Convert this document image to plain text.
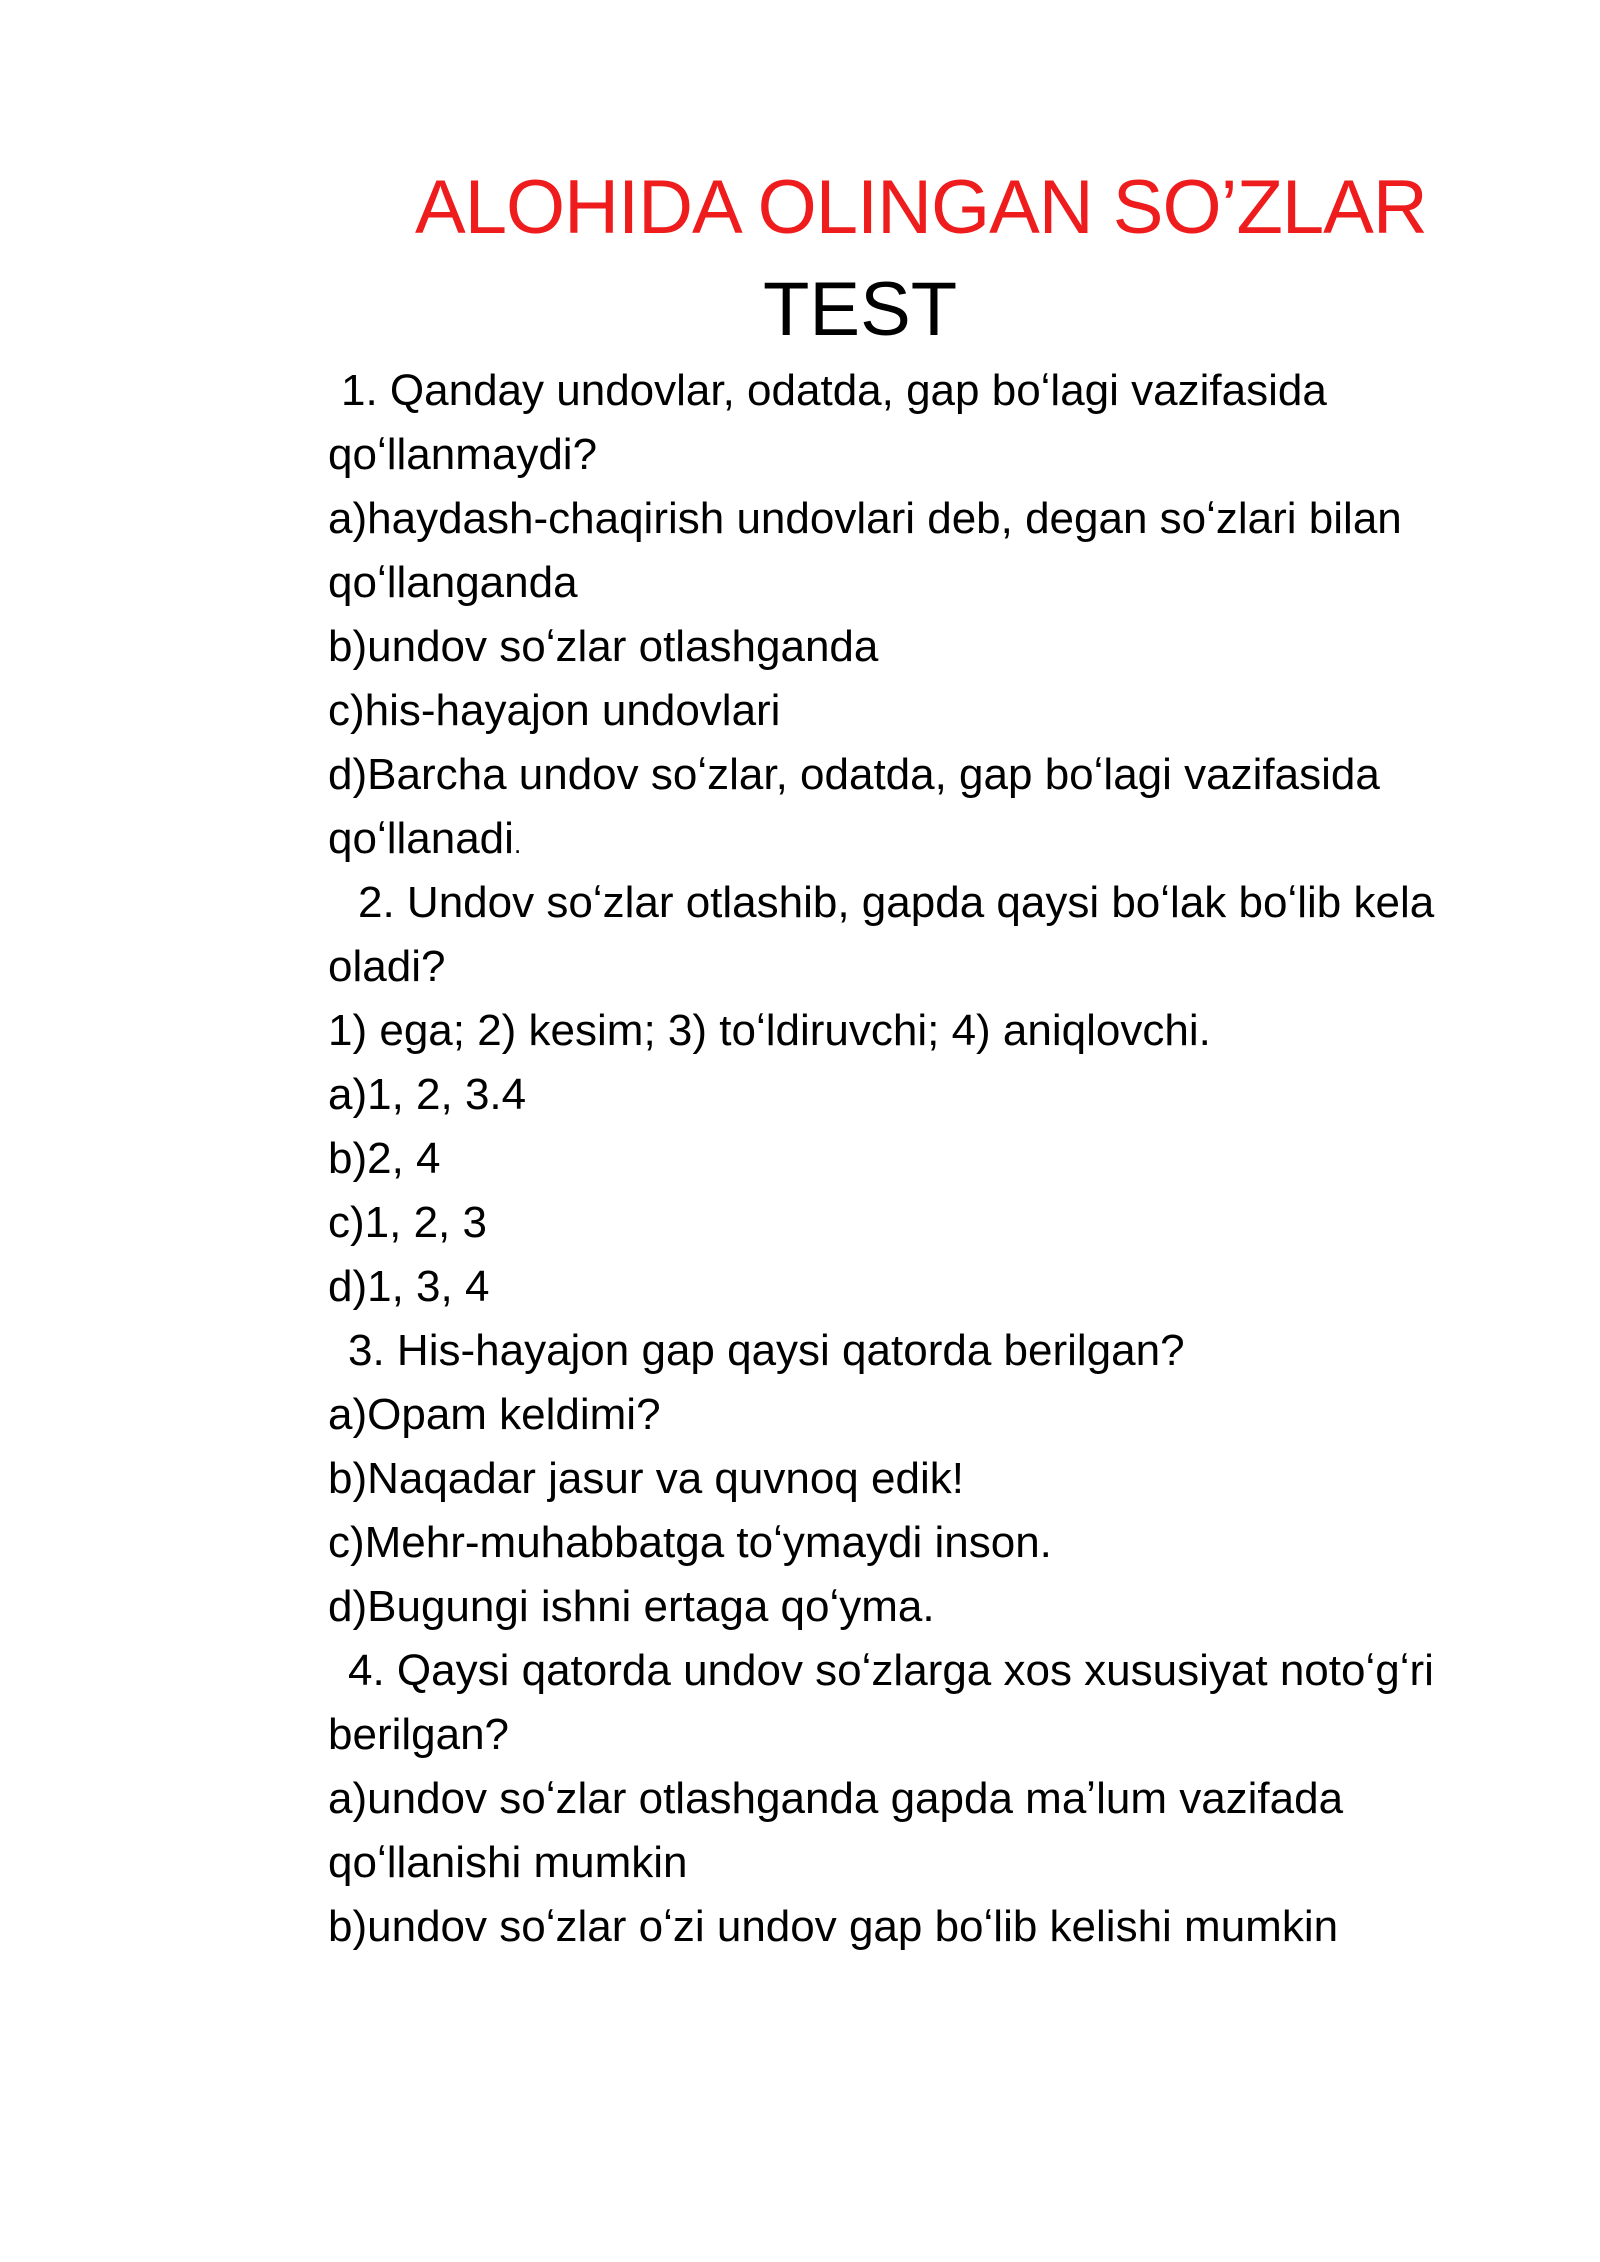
ALOHIDA OLINGAN SO’ZLAR
TEST
1. Qanday undovlar, odatda, gap boʻlagi vazifasida
qoʻllanmaydi?
a)haydash-chaqirish undovlari deb, degan soʻzlari bilan
qoʻllanganda
b)undov soʻzlar otlashganda
c)his-hayajon undovlari
d)Barcha undov soʻzlar, odatda, gap boʻlagi vazifasida
qoʻllanadi.
2. Undov soʻzlar otlashib, gapda qaysi boʻlak boʻlib kela
oladi?
1) ega; 2) kesim; 3) toʻldiruvchi; 4) aniqlovchi.
a)1, 2, 3.4
b)2, 4
c)1, 2, 3
d)1, 3, 4
3. His-hayajon gap qaysi qatorda berilgan?
a)Opam keldimi?
b)Naqadar jasur va quvnoq edik!
c)Mehr-muhabbatga toʻymaydi inson.
d)Bugungi ishni ertaga qoʻyma.
4. Qaysi qatorda undov soʻzlarga xos xususiyat notoʻgʻri
berilgan?
a)undov soʻzlar otlashganda gapda maʼlum vazifada
qoʻllanishi mumkin
b)undov soʻzlar oʻzi undov gap boʻlib kelishi mumkin
